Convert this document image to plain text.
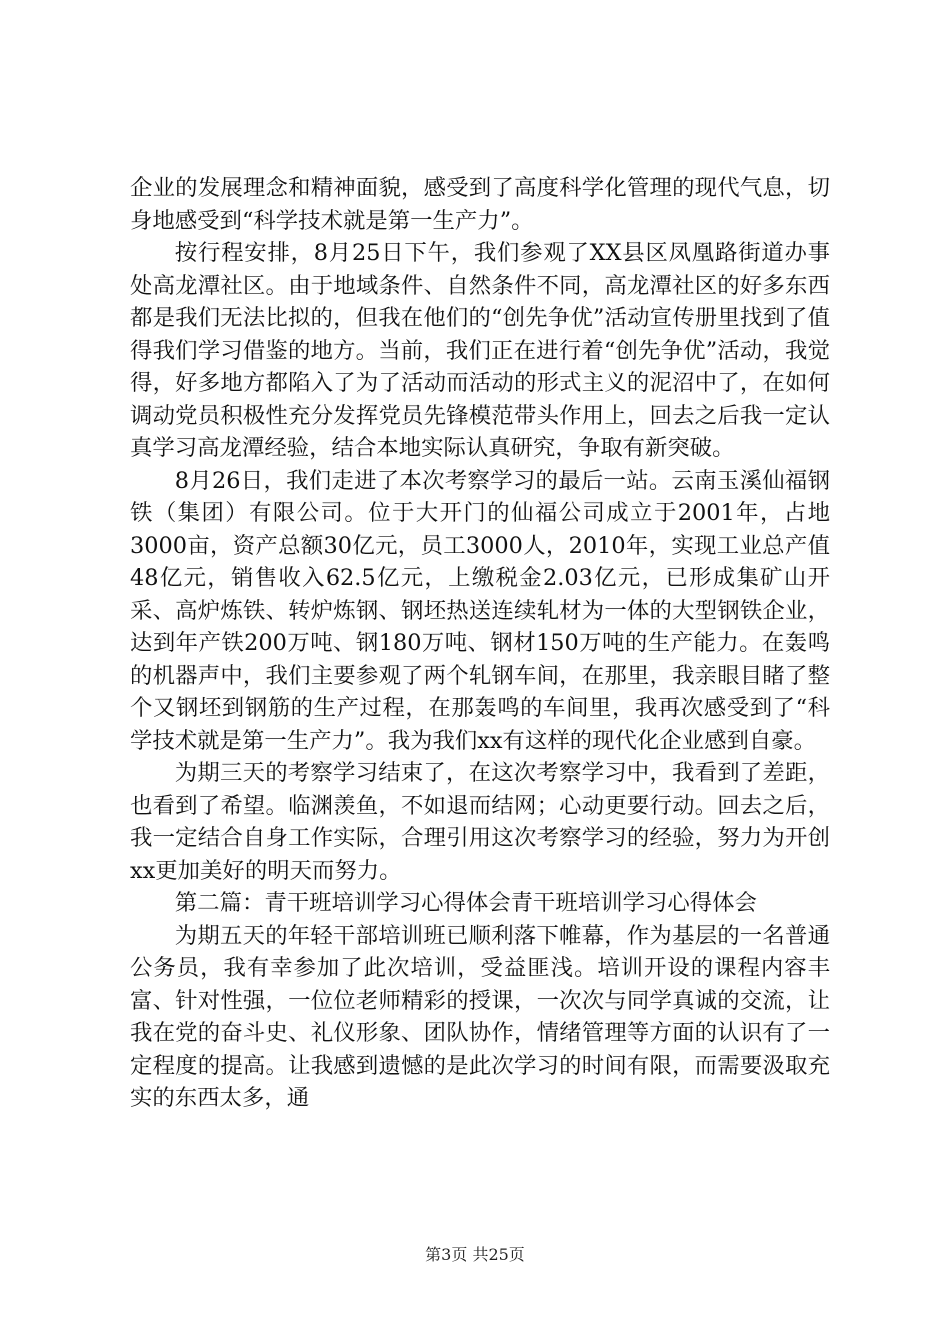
企业的发展理念和精神面貌，感受到了高度科学化管理的现代气息，切身地感受到“科学技术就是第一生产力”。

按行程安排，8月25日下午，我们参观了XX县区凤凰路街道办事处高龙潭社区。由于地域条件、自然条件不同，高龙潭社区的好多东西都是我们无法比拟的，但我在他们的“创先争优”活动宣传册里找到了值得我们学习借鉴的地方。当前，我们正在进行着“创先争优”活动，我觉得，好多地方都陷入了为了活动而活动的形式主义的泥沼中了，在如何调动党员积极性充分发挥党员先锋模范带头作用上，回去之后我一定认真学习高龙潭经验，结合本地实际认真研究，争取有新突破。

8月26日，我们走进了本次考察学习的最后一站。云南玉溪仙福钢铁（集团）有限公司。位于大开门的仙福公司成立于2001年，占地3000亩，资产总额30亿元，员工3000人，2010年，实现工业总产值48亿元，销售收入62.5亿元，上缴税金2.03亿元，已形成集矿山开采、高炉炼铁、转炉炼钢、钢坯热送连续轧材为一体的大型钢铁企业，达到年产铁200万吨、钢180万吨、钢材150万吨的生产能力。在轰鸣的机器声中，我们主要参观了两个轧钢车间，在那里，我亲眼目睹了整个又钢坯到钢筋的生产过程，在那轰鸣的车间里，我再次感受到了“科学技术就是第一生产力”。我为我们xx有这样的现代化企业感到自豪。

为期三天的考察学习结束了，在这次考察学习中，我看到了差距，也看到了希望。临渊羡鱼，不如退而结网；心动更要行动。回去之后，我一定结合自身工作实际，合理引用这次考察学习的经验，努力为开创xx更加美好的明天而努力。

第二篇：青干班培训学习心得体会青干班培训学习心得体会

为期五天的年轻干部培训班已顺利落下帷幕，作为基层的一名普通公务员，我有幸参加了此次培训，受益匪浅。培训开设的课程内容丰富、针对性强，一位位老师精彩的授课，一次次与同学真诚的交流，让我在党的奋斗史、礼仪形象、团队协作，情绪管理等方面的认识有了一定程度的提高。让我感到遗憾的是此次学习的时间有限，而需要汲取充实的东西太多，通

第3页 共25页
